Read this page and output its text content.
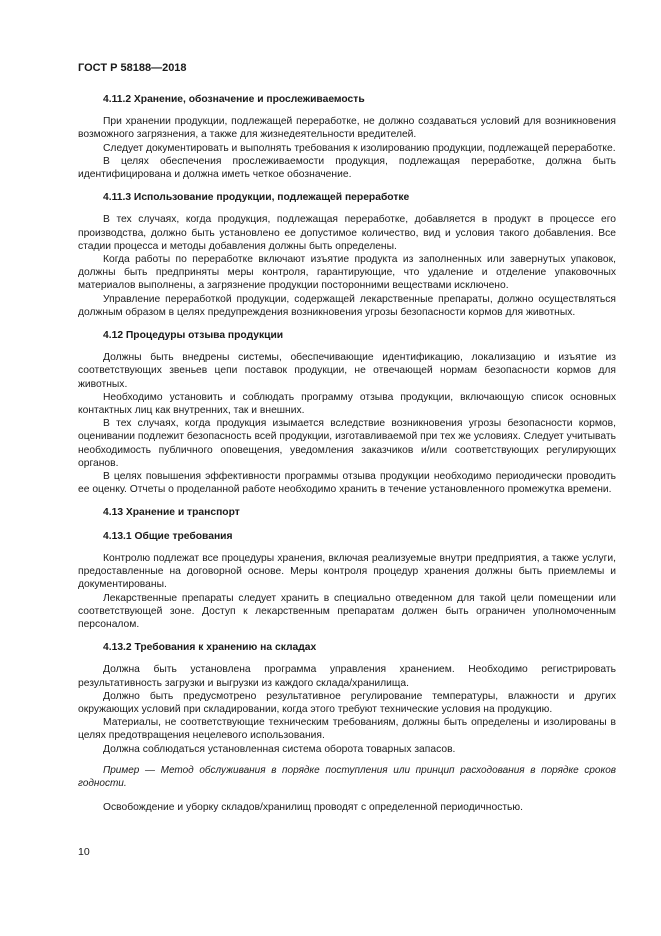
ГОСТ Р 58188—2018

4.11.2 Хранение, обозначение и прослеживаемость

При хранении продукции, подлежащей переработке, не должно создаваться условий для возникновения возможного загрязнения, а также для жизнедеятельности вредителей.

Следует документировать и выполнять требования к изолированию продукции, подлежащей переработке.

В целях обеспечения прослеживаемости продукция, подлежащая переработке, должна быть идентифицирована и должна иметь четкое обозначение.

4.11.3 Использование продукции, подлежащей переработке

В тех случаях, когда продукция, подлежащая переработке, добавляется в продукт в процессе его производства, должно быть установлено ее допустимое количество, вид и условия такого добавления. Все стадии процесса и методы добавления должны быть определены.

Когда работы по переработке включают изъятие продукта из заполненных или завернутых упаковок, должны быть предприняты меры контроля, гарантирующие, что удаление и отделение упаковочных материалов выполнены, а загрязнение продукции посторонними веществами исключено.

Управление переработкой продукции, содержащей лекарственные препараты, должно осуществляться должным образом в целях предупреждения возникновения угрозы безопасности кормов для животных.

4.12 Процедуры отзыва продукции

Должны быть внедрены системы, обеспечивающие идентификацию, локализацию и изъятие из соответствующих звеньев цепи поставок продукции, не отвечающей нормам безопасности кормов для животных.

Необходимо установить и соблюдать программу отзыва продукции, включающую список основных контактных лиц как внутренних, так и внешних.

В тех случаях, когда продукция изымается вследствие возникновения угрозы безопасности кормов, оценивании подлежит безопасность всей продукции, изготавливаемой при тех же условиях. Следует учитывать необходимость публичного оповещения, уведомления заказчиков и/или соответствующих регулирующих органов.

В целях повышения эффективности программы отзыва продукции необходимо периодически проводить ее оценку. Отчеты о проделанной работе необходимо хранить в течение установленного промежутка времени.

4.13 Хранение и транспорт

4.13.1 Общие требования

Контролю подлежат все процедуры хранения, включая реализуемые внутри предприятия, а также услуги, предоставленные на договорной основе. Меры контроля процедур хранения должны быть приемлемы и документированы.

Лекарственные препараты следует хранить в специально отведенном для такой цели помещении или соответствующей зоне. Доступ к лекарственным препаратам должен быть ограничен уполномоченным персоналом.

4.13.2 Требования к хранению на складах

Должна быть установлена программа управления хранением. Необходимо регистрировать результативность загрузки и выгрузки из каждого склада/хранилища.

Должно быть предусмотрено результативное регулирование температуры, влажности и других окружающих условий при складировании, когда этого требуют технические условия на продукцию.

Материалы, не соответствующие техническим требованиям, должны быть определены и изолированы в целях предотвращения нецелевого использования.

Должна соблюдаться установленная система оборота товарных запасов.

Пример — Метод обслуживания в порядке поступления или принцип расходования в порядке сроков годности.

Освобождение и уборку складов/хранилищ проводят с определенной периодичностью.

10
